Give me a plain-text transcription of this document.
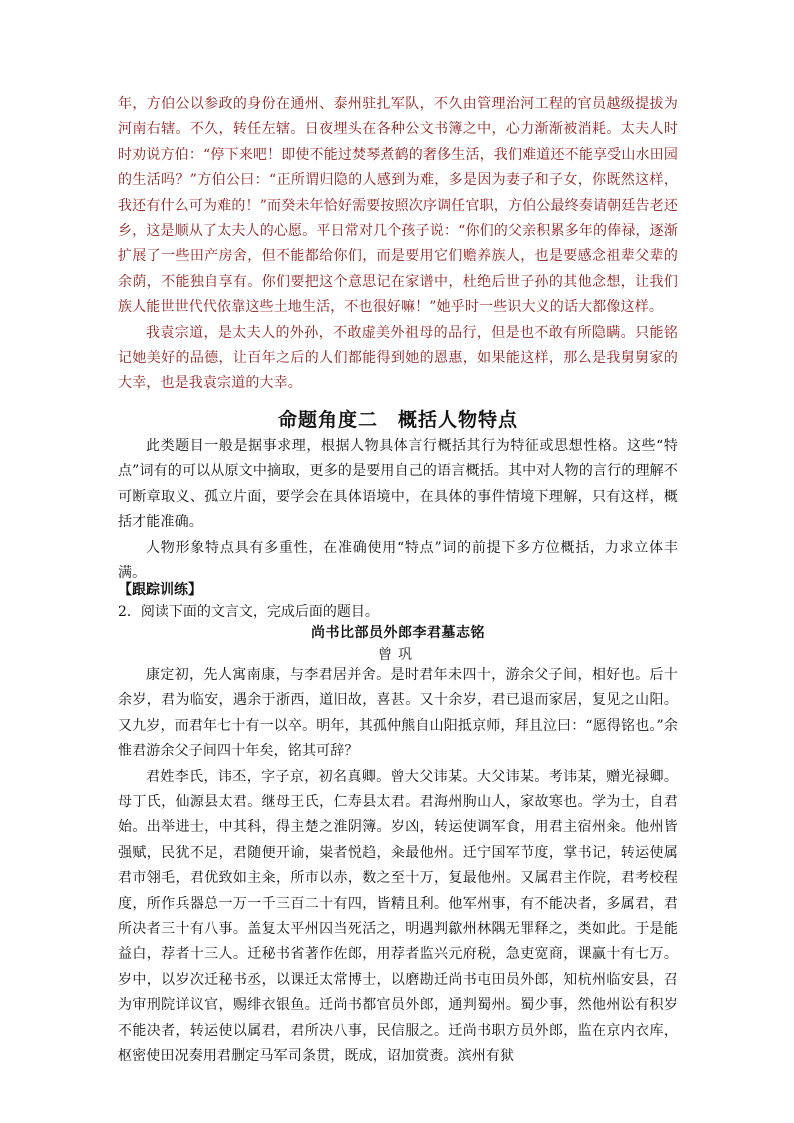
年，方伯公以参政的身份在通州、泰州驻扎军队，不久由管理治河工程的官员越级提拔为河南右辖。不久，转任左辖。日夜埋头在各种公文书簿之中，心力渐渐被消耗。太夫人时时劝说方伯：“停下来吧！即使不能过焚琴煮鹤的奢侈生活，我们难道还不能享受山水田园的生活吗？”方伯公曰：“正所谓归隐的人感到为难，多是因为妻子和子女，你既然这样，我还有什么可为难的！”而癸未年恰好需要按照次序调任官职，方伯公最终奏请朝廷告老还乡，这是顺从了太夫人的心愿。平日常对几个孩子说：“你们的父亲积累多年的俸禄，逐渐扩展了一些田产房舍，但不能都给你们，而是要用它们赡养族人，也是要感念祖辈父辈的余荫，不能独自享有。你们要把这个意思记在家谱中，杜绝后世子孙的其他念想，让我们族人能世世代代依靠这些土地生活，不也很好嘛！”她乎时一些识大义的话大都像这样。

我袁宗道，是太夫人的外孙，不敢虚美外祖母的品行，但是也不敢有所隐瞒。只能铭记她美好的品德，让百年之后的人们都能得到她的恩惠，如果能这样，那么是我舅舅家的大幸，也是我袁宗道的大幸。

命题角度二　概括人物特点

此类题目一般是据事求理，根据人物具体言行概括其行为特征或思想性格。这些“特点”词有的可以从原文中摘取，更多的是要用自己的语言概括。其中对人物的言行的理解不可断章取义、孤立片面，要学会在具体语境中，在具体的事件情境下理解，只有这样，概括才能准确。

人物形象特点具有多重性，在准确使用“特点”词的前提下多方位概括，力求立体丰满。

【跟踪训练】

2．阅读下面的文言文，完成后面的题目。

尚书比部员外郎李君墓志铭

曾巩

康定初，先人寓南康，与李君居并舍。是时君年未四十，游余父子间，相好也。后十余岁，君为临安，遇余于浙西，道旧故，喜甚。又十余岁，君已退而家居，复见之山阳。又九岁，而君年七十有一以卒。明年，其孤仲熊自山阳抵京师，拜且泣曰：“愿得铭也。”余惟君游余父子间四十年矣，铭其可辞？

君姓李氏，讳丕，字子京，初名真卿。曾大父讳某。大父讳某。考讳某，赠光禄卿。母丁氏，仙源县太君。继母王氏，仁寿县太君。君海州朐山人，家故寒也。学为士，自君始。出举进士，中其科，得主楚之淮阴簿。岁凶，转运使调军食，用君主宿州籴。他州皆强赋，民犹不足，君随便开谕，粜者悦趋，籴最他州。迁宁国军节度，掌书记，转运使属君市翎毛，君优致如主籴，所市以赤，数之至十万，复最他州。又属君主作院，君考校程度，所作兵器总一万一千三百二十有四，皆精且利。他军州事，有不能决者，多属君，君所决者三十有八事。盖复太平州囚当死活之，明遇判歙州林隅无罪释之，类如此。于是能益白，荐者十三人。迁秘书省著作佐郎，用荐者监兴元府税，急吏宽商，课赢十有七万。岁中，以岁次迁秘书丞，以课迁太常博士，以磨勘迁尚书屯田员外郎，知杭州临安县，召为审刑院详议官，赐绯衣银鱼。迁尚书都官员外郎，通判蜀州。蜀少事，然他州讼有积岁不能决者，转运使以属君，君所决八事，民信服之。迁尚书职方员外郎，监在京内衣库，枢密使田况奏用君删定马军司条贯，既成，诏加赏赉。滨州有狱
